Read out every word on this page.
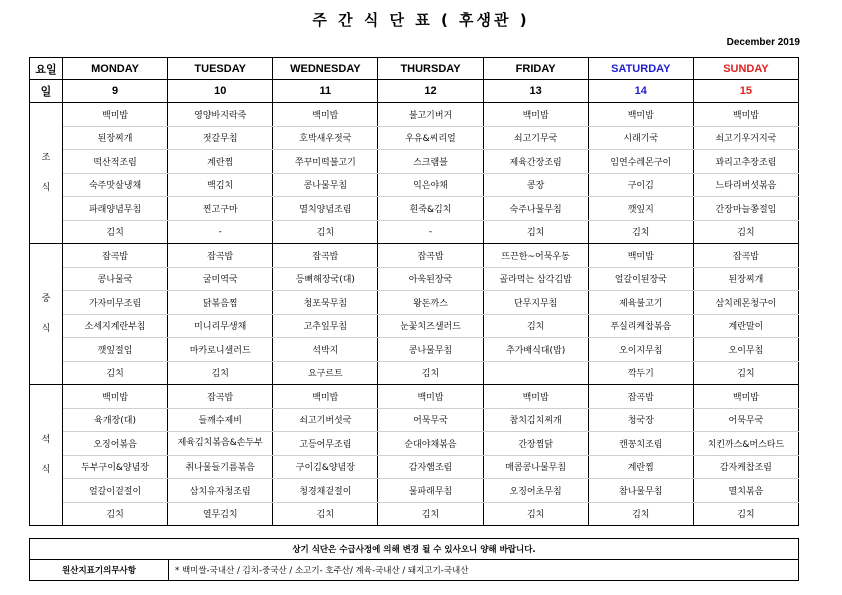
주 간 식 단 표 ( 후생관 )
December 2019
요일	MONDAY	TUESDAY	WEDNESDAY	THURSDAY	FRIDAY	SATURDAY	SUNDAY
일	9	10	11	12	13	14	15

조
식	백미밥	영양바지락죽	백미밥	불고기버거	백미밥	백미밥	백미밥
	된장찌개	젓갈무침	호박새우젓국	우유&씨리얼	쇠고기무국	시래기국	쇠고기우거지국
	떡산적조림	계란찜	쭈꾸미떡불고기	스크램블	제육간장조림	임연수레몬구이	꽈리고추장조림
	숙주맛살냉채	백김치	콩나물무침	익은야채	콩장	구이김	느타리버섯볶음
	파래양념무침	찐고구마	멸치양념조림	흰죽&김치	숙주나물무침	깻잎지	간장마늘쫑절임
	김치	-	김치	-	김치	김치	김치

중
식	잡곡밥	잡곡밥	잡곡밥	잡곡밥	뜨끈한~어묵우동	백미밥	잡곡밥
	콩나물국	굴미역국	등뼈해장국(대)	아욱된장국	골라먹는 삼각김밥	얼갈이된장국	된장찌개
	가자미무조림	닭볶음찜	청포묵무침	왕돈까스	단무지무침	제육불고기	삼치레몬청구이
	소세지계란부침	미니리무생채	고추잎무침	눈꽃치즈샐러드	김치	푸실리케찹볶음	계란말이
	깻잎절임	마카로니샐러드	석박지	콩나물무침	추가배식대(밥)	오이지무침	오이무침
	김치	김치	요구르트	김치		깍두기	김치

석
식	백미밥	잡곡밥	백미밥	백미밥	백미밥	잡곡밥	백미밥
	육개장(대)	들깨수제비	쇠고기버섯국	어묵무국	참치김치찌개	청국장	어묵무국
	오징어볶음	제육김치볶음&손두부	고등어무조림	순대야채볶음	간장찜닭	캔꽁치조림	치킨까스&머스타드
	두부구이&양념장	취나물들기름볶음	구이김&양념장	감자햄조림	매콤콩나물무침	계란찜	감자케찹조림
	얼갈이겉절이	삼치유자청조림	청경채겉절이	물파래무침	오징어초무침	참나물무침	멸치볶음
	김치	열무김치	김치	김치	김치	김치	김치
상기 식단은 수급사정에 의해 변경 될 수 있사오니 양해 바랍니다.
원산지표기의무사항	* 백미쌀-국내산 / 김치-중국산 / 소고기- 호주산/ 계육-국내산 / 돼지고기-국내산
